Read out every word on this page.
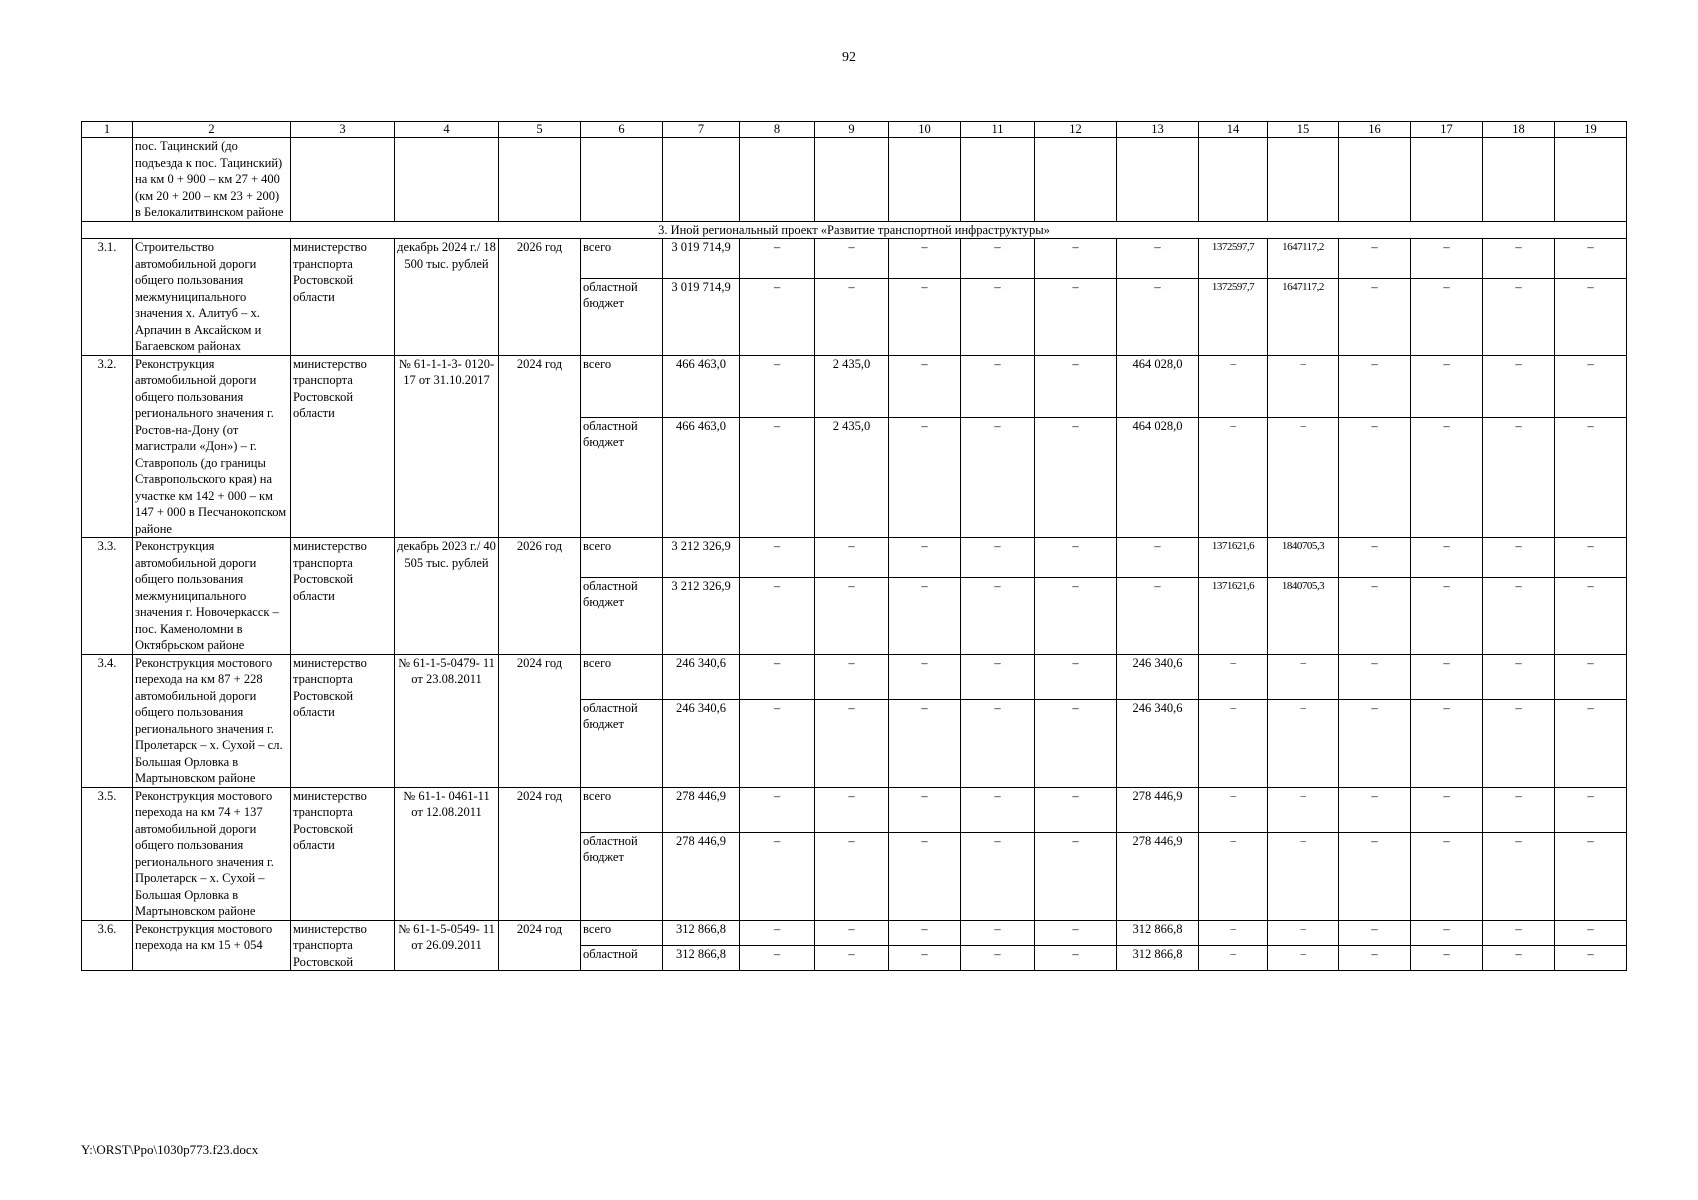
92
1	2	3	4	5	6	7	8	9	10	11	12	13	14	15	16	17	18	19
	пос. Тацинский (до подъезда к пос. Тацинский) на км 0 + 900 – км 27 + 400 (км 20 + 200 – км 23 + 200) в Белокалитвинском районе																	
3. Иной региональный проект «Развитие транспортной инфраструктуры»																		
3.1.	Строительство автомобильной дороги общего пользования межмуниципального значения х. Алитуб – х. Арпачин в Аксайском и Багаевском районах	министерство транспорта Ростовской области	декабрь 2024 г./ 18 500 тыс. рублей	2026 год	всего	3 019 714,9	–	–	–	–	–	–	1372597,7	1647117,2	–	–	–	–
					областной бюджет	3 019 714,9	–	–	–	–	–	–	1372597,7	1647117,2	–	–	–	–
3.2.	Реконструкция автомобильной дороги общего пользования регионального значения г. Ростов-на-Дону (от магистрали «Дон») – г. Ставрополь (до границы Ставропольского края) на участке км 142 + 000 – км 147 + 000 в Песчанокопском районе	министерство транспорта Ростовской области	№ 61-1-1-3- 0120-17 от 31.10.2017	2024 год	всего	466 463,0	–	2 435,0	–	–	–	464 028,0	–	–	–	–	–	–
					областной бюджет	466 463,0	–	2 435,0	–	–	–	464 028,0	–	–	–	–	–	–
3.3.	Реконструкция автомобильной дороги общего пользования межмуниципального значения г. Новочеркасск – пос. Каменоломни в Октябрьском районе	министерство транспорта Ростовской области	декабрь 2023 г./ 40 505 тыс. рублей	2026 год	всего	3 212 326,9	–	–	–	–	–	–	1371621,6	1840705,3	–	–	–	–
					областной бюджет	3 212 326,9	–	–	–	–	–	–	1371621,6	1840705,3	–	–	–	–
3.4.	Реконструкция мостового перехода на км 87 + 228 автомобильной дороги общего пользования регионального значения г. Пролетарск – х. Сухой – сл. Большая Орловка в Мартыновском районе	министерство транспорта Ростовской области	№ 61-1-5-0479- 11 от 23.08.2011	2024 год	всего	246 340,6	–	–	–	–	–	246 340,6	–	–	–	–	–	–
					областной бюджет	246 340,6	–	–	–	–	–	246 340,6	–	–	–	–	–	–
3.5.	Реконструкция мостового перехода на км 74 + 137 автомобильной дороги общего пользования регионального значения г. Пролетарск – х. Сухой – Большая Орловка в Мартыновском районе	министерство транспорта Ростовской области	№ 61-1- 0461-11 от 12.08.2011	2024 год	всего	278 446,9	–	–	–	–	–	278 446,9	–	–	–	–	–	–
					областной бюджет	278 446,9	–	–	–	–	–	278 446,9	–	–	–	–	–	–
3.6.	Реконструкция мостового перехода на км 15 + 054	министерство транспорта Ростовской	№ 61-1-5-0549- 11 от 26.09.2011	2024 год	всего	312 866,8	–	–	–	–	–	312 866,8	–	–	–	–	–	–
					областной	312 866,8	–	–	–	–	–	312 866,8	–	–	–	–	–	–
Y:\ORST\Ppo\1030p773.f23.docx
